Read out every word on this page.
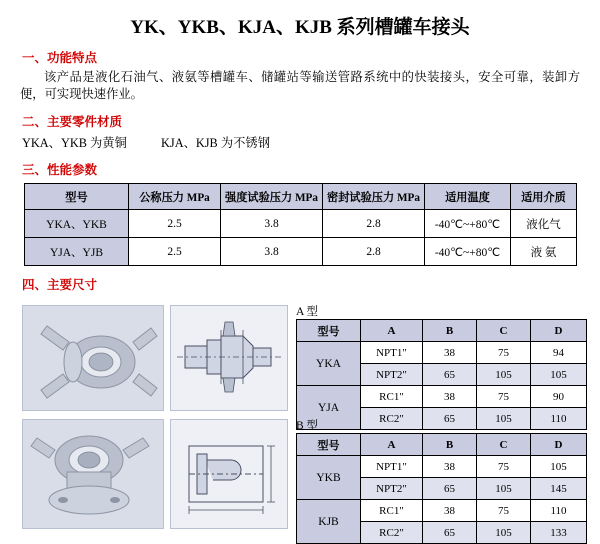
YK、YKB、KJA、KJB 系列槽罐车接头
一、功能特点
该产品是液化石油气、液氨等槽罐车、储罐站等输送管路系统中的快装接头，安全可靠，装卸方便，可实现快速作业。
二、主要零件材质
YKA、YKB 为黄铜	KJA、KJB 为不锈钢
三、性能参数
型号	公称压力 MPa	强度试验压力 MPa	密封试验压力 MPa	适用温度	适用介质
YKA、YKB	2.5	3.8	2.8	-40℃~+80℃	液化气
YJA、YJB	2.5	3.8	2.8	-40℃~+80℃	液 氨
四、主要尺寸
A 型
型号	A	B	C	D
YKA	NPT1"	38	75	94
	NPT2"	65	105	105
YJA	RC1"	38	75	90
	RC2"	65	105	110
B 型
型号	A	B	C	D
YKB	NPT1"	38	75	105
	NPT2"	65	105	145
KJB	RC1"	38	75	110
	RC2"	65	105	133
